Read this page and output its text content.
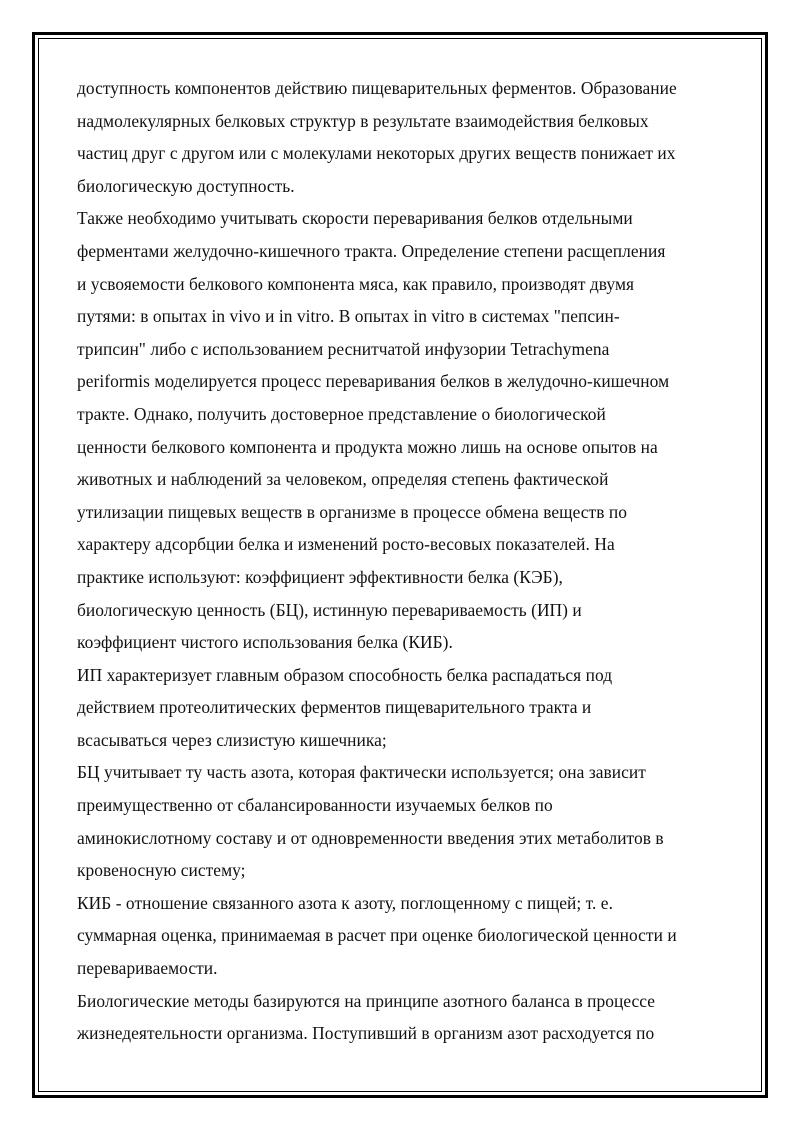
доступность компонентов действию пищеварительных ферментов. Образование
надмолекулярных белковых структур в результате взаимодействия белковых
частиц друг с другом или с молекулами некоторых других веществ понижает их
биологическую доступность.

Также необходимо учитывать скорости переваривания белков отдельными
ферментами желудочно-кишечного тракта. Определение степени расщепления
и усвояемости белкового компонента мяса, как правило, производят двумя
путями: в опытах in vivo и in vitro. В опытах in vitro в системах "пепсин-
трипсин" либо с использованием реснитчатой инфузории Tetrachymena
periformis моделируется процесс переваривания белков в желудочно-кишечном
тракте. Однако, получить достоверное представление о биологической
ценности белкового компонента и продукта можно лишь на основе опытов на
животных и наблюдений за человеком, определяя степень фактической
утилизации пищевых веществ в организме в процессе обмена веществ по
характеру адсорбции белка и изменений росто-весовых показателей. На
практике используют: коэффициент эффективности белка (КЭБ),
биологическую ценность (БЦ), истинную перевариваемость (ИП) и
коэффициент чистого использования белка (КИБ).

ИП характеризует главным образом способность белка распадаться под
действием протеолитических ферментов пищеварительного тракта и
всасываться через слизистую кишечника;

БЦ учитывает ту часть азота, которая фактически используется; она зависит
преимущественно от сбалансированности изучаемых белков по
аминокислотному составу и от одновременности введения этих метаболитов в
кровеносную систему;

КИБ - отношение связанного азота к азоту, поглощенному с пищей; т. е.
суммарная оценка, принимаемая в расчет при оценке биологической ценности и
перевариваемости.

Биологические методы базируются на принципе азотного баланса в процессе
жизнедеятельности организма. Поступивший в организм азот расходуется по
